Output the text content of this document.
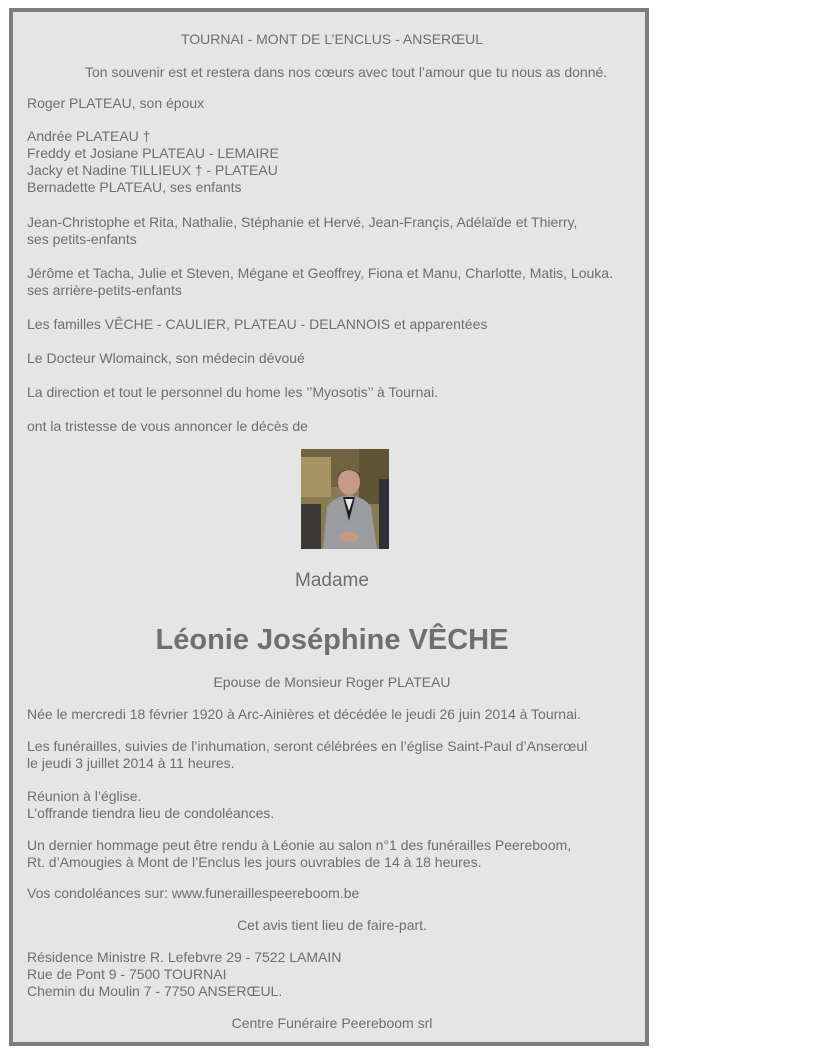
TOURNAI - MONT DE L’ENCLUS - ANSERŒUL

Ton souvenir est et restera dans nos cœurs avec tout l’amour que tu nous as donné.

Roger PLATEAU, son époux

Andrée PLATEAU †

Freddy et Josiane PLATEAU - LEMAIRE

Jacky et Nadine TILLIEUX † - PLATEAU

Bernadette PLATEAU, ses enfants

Jean-Christophe et Rita, Nathalie, Stéphanie et Hervé, Jean-Françis, Adélaïde et Thierry,

ses petits-enfants

Jérôme et Tacha, Julie et Steven, Mégane et Geoffrey, Fiona et Manu, Charlotte, Matis, Louka.

ses arrière-petits-enfants

Les familles VÊCHE - CAULIER, PLATEAU - DELANNOIS et apparentées

Le Docteur Wlomainck, son médecin dévoué

La direction et tout le personnel du home les ’’Myosotis’’ à Tournai.

ont la tristesse de vous annoncer le décès de

Madame

Léonie Joséphine VÊCHE

Epouse de Monsieur Roger PLATEAU

Née le mercredi 18 février 1920 à Arc-Ainières et décédée le jeudi 26 juin 2014 à Tournai.

Les funérailles, suivies de l’inhumation, seront célébrées en l’église Saint-Paul d’Anserœul

le jeudi 3 juillet 2014 à 11 heures.

Réunion à l’église.

L’offrande tiendra lieu de condoléances.

Un dernier hommage peut être rendu à Léonie au salon n°1 des funérailles Peereboom,

Rt. d’Amougies à Mont de l’Enclus les jours ouvrables de 14 à 18 heures.

Vos condoléances sur: www.funeraillespeereboom.be

Cet avis tient lieu de faire-part.

Résidence Ministre R. Lefebvre 29 - 7522 LAMAIN

Rue de Pont 9 - 7500 TOURNAI

Chemin du Moulin 7 - 7750 ANSERŒUL.

Centre Funéraire Peereboom srl
